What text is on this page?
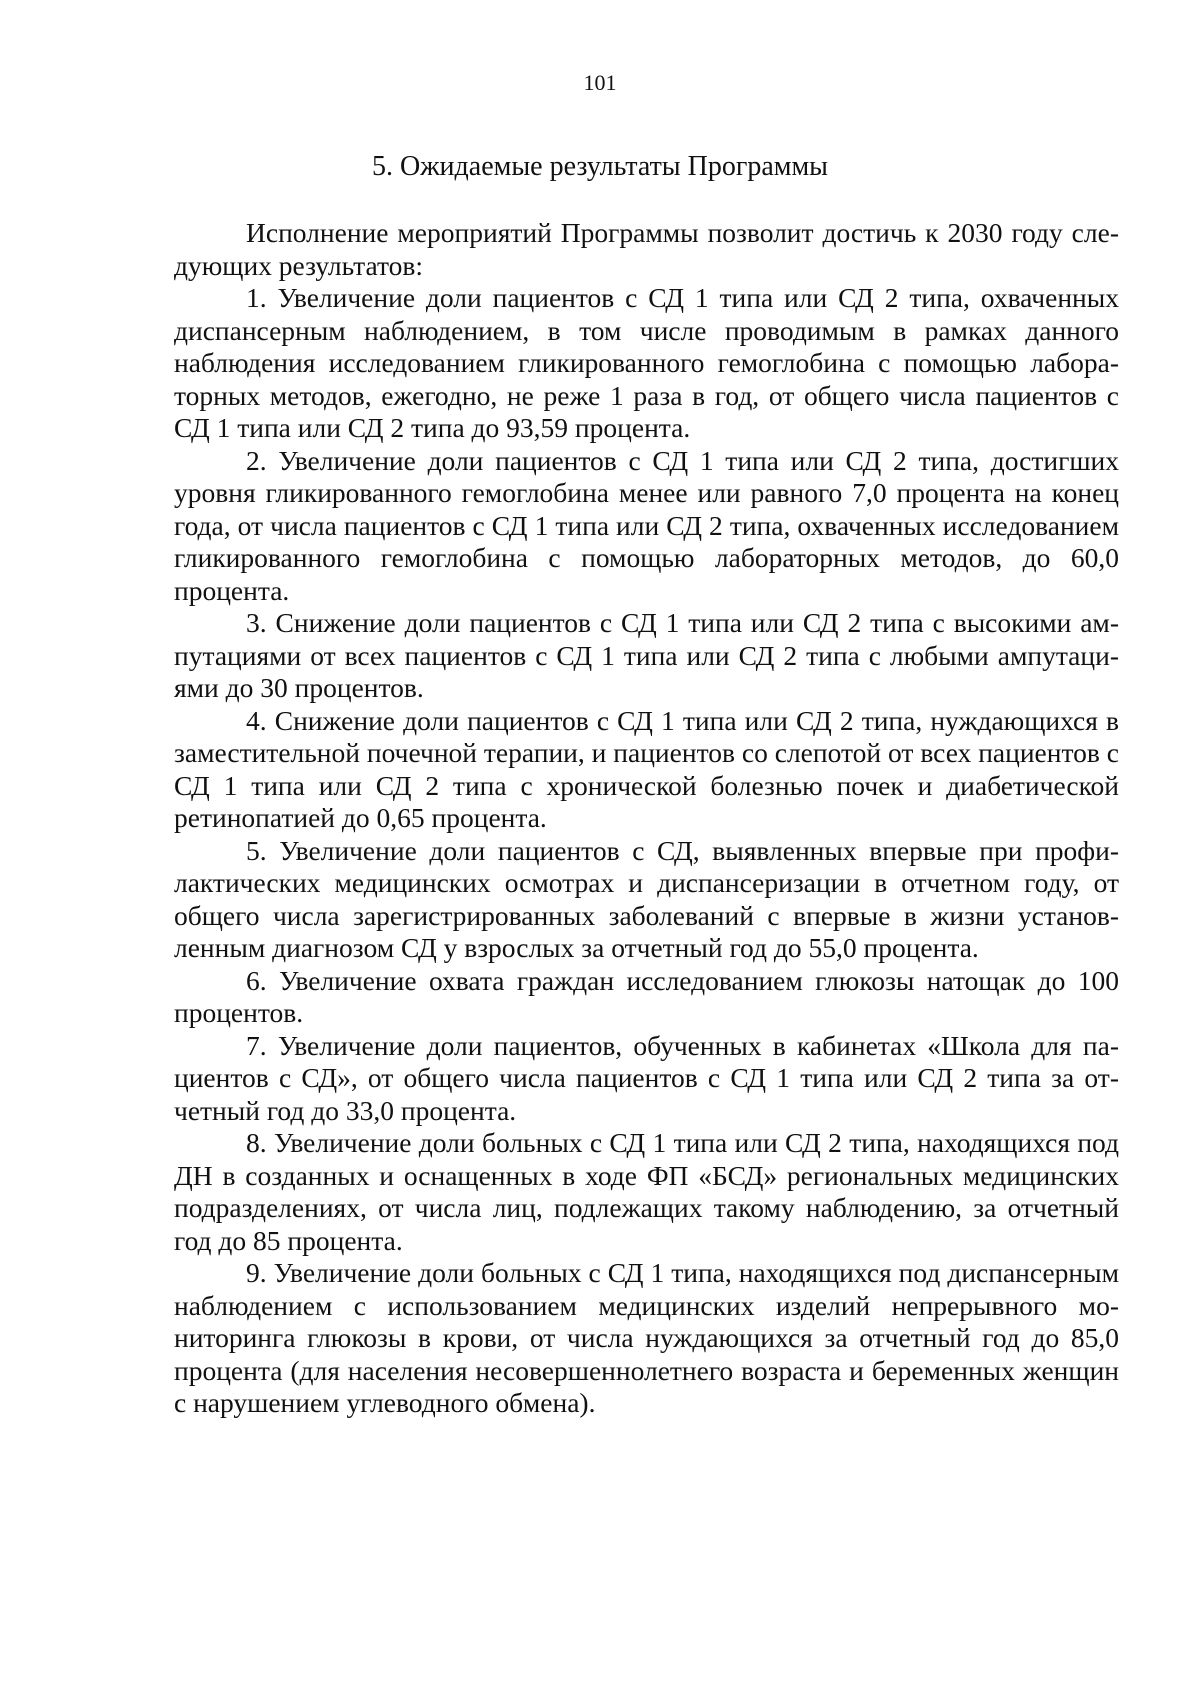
101
5. Ожидаемые результаты Программы

Исполнение мероприятий Программы позволит достичь к 2030 году следующих результатов:

1. Увеличение доли пациентов с СД 1 типа или СД 2 типа, охваченных диспансерным наблюдением, в том числе проводимым в рамках данного наблюдения исследованием гликированного гемоглобина с помощью лабораторных методов, ежегодно, не реже 1 раза в год, от общего числа пациентов с СД 1 типа или СД 2 типа до 93,59 процента.

2. Увеличение доли пациентов с СД 1 типа или СД 2 типа, достигших уровня гликированного гемоглобина менее или равного 7,0 процента на конец года, от числа пациентов с СД 1 типа или СД 2 типа, охваченных исследованием гликированного гемоглобина с помощью лабораторных методов, до 60,0 процента.

3. Снижение доли пациентов с СД 1 типа или СД 2 типа с высокими ампутациями от всех пациентов с СД 1 типа или СД 2 типа с любыми ампутациями до 30 процентов.

4. Снижение доли пациентов с СД 1 типа или СД 2 типа, нуждающихся в заместительной почечной терапии, и пациентов со слепотой от всех пациентов с СД 1 типа или СД 2 типа с хронической болезнью почек и диабетической ретинопатией до 0,65 процента.

5. Увеличение доли пациентов с СД, выявленных впервые при профилактических медицинских осмотрах и диспансеризации в отчетном году, от общего числа зарегистрированных заболеваний с впервые в жизни установленным диагнозом СД у взрослых за отчетный год до 55,0 процента.

6. Увеличение охвата граждан исследованием глюкозы натощак до 100 процентов.

7. Увеличение доли пациентов, обученных в кабинетах «Школа для пациентов с СД», от общего числа пациентов с СД 1 типа или СД 2 типа за отчетный год до 33,0 процента.

8. Увеличение доли больных с СД 1 типа или СД 2 типа, находящихся под ДН в созданных и оснащенных в ходе ФП «БСД» региональных медицинских подразделениях, от числа лиц, подлежащих такому наблюдению, за отчетный год до 85 процента.

9. Увеличение доли больных с СД 1 типа, находящихся под диспансерным наблюдением с использованием медицинских изделий непрерывного мониторинга глюкозы в крови, от числа нуждающихся за отчетный год до 85,0 процента (для населения несовершеннолетнего возраста и беременных женщин с нарушением углеводного обмена).
